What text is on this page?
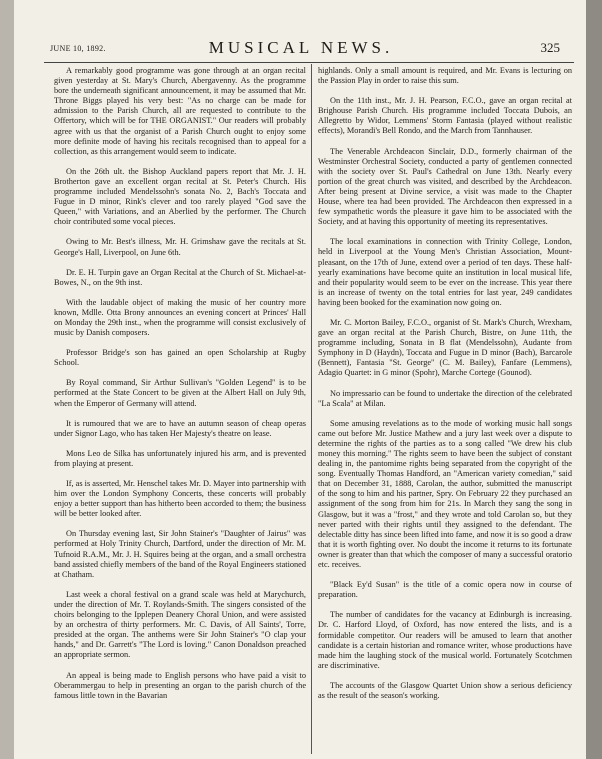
JUNE 10, 1892.	MUSICAL NEWS.	325

A remarkably good programme was gone through at an organ recital given yesterday at St. Mary's Church, Abergavenny. As the programme bore the underneath significant announcement, it may be assumed that Mr. Throne Biggs played his very best: "As no charge can be made for admission to the Parish Church, all are requested to contribute to the Offertory, which will be for THE ORGANIST." Our readers will probably agree with us that the organist of a Parish Church ought to enjoy some more definite mode of having his recitals recognised than to appeal for a collection, as this arrangement would seem to indicate.

On the 26th ult. the Bishop Auckland papers report that Mr. J. H. Brotherton gave an excellent organ recital at St. Peter's Church. His programme included Mendelssohn's sonata No. 2, Bach's Toccata and Fugue in D minor, Rink's clever and too rarely played "God save the Queen," with Variations, and an Aberlied by the performer. The Church choir contributed some vocal pieces.

Owing to Mr. Best's illness, Mr. H. Grimshaw gave the recitals at St. George's Hall, Liverpool, on June 6th.

Dr. E. H. Turpin gave an Organ Recital at the Church of St. Michael-at-Bowes, N., on the 9th inst.

With the laudable object of making the music of her country more known, Mdlle. Otta Brony announces an evening concert at Princes' Hall on Monday the 29th inst., when the programme will consist exclusively of music by Danish composers.

Professor Bridge's son has gained an open Scholarship at Rugby School.

By Royal command, Sir Arthur Sullivan's "Golden Legend" is to be performed at the State Concert to be given at the Albert Hall on July 9th, when the Emperor of Germany will attend.

It is rumoured that we are to have an autumn season of cheap operas under Signor Lago, who has taken Her Majesty's theatre on lease.

Mons Leo de Silka has unfortunately injured his arm, and is prevented from playing at present.

If, as is asserted, Mr. Henschel takes Mr. D. Mayer into partnership with him over the London Symphony Concerts, these concerts will probably enjoy a better support than has hitherto been accorded to them; the business will be better looked after.

On Thursday evening last, Sir John Stainer's "Daughter of Jairus" was performed at Holy Trinity Church, Dartford, under the direction of Mr. M. Tufnoid R.A.M., Mr. J. H. Squires being at the organ, and a small orchestra band assisted chiefly members of the band of the Royal Engineers stationed at Chatham.

Last week a choral festival on a grand scale was held at Marychurch, under the direction of Mr. T. Roylands-Smith. The singers consisted of the choirs belonging to the Ipplepen Deanery Choral Union, and were assisted by an orchestra of thirty performers. Mr. C. Davis, of All Saints', Torre, presided at the organ. The anthems were Sir John Stainer's "O clap your hands," and Dr. Garrett's "The Lord is loving." Canon Donaldson preached an appropriate sermon.

An appeal is being made to English persons who have paid a visit to Oberammergau to help in presenting an organ to the parish church of the famous little town in the Bavarian

highlands. Only a small amount is required, and Mr. Evans is lecturing on the Passion Play in order to raise this sum.

On the 11th inst., Mr. J. H. Pearson, F.C.O., gave an organ recital at Brighouse Parish Church. His programme included Toccata Dubois, an Allegretto by Widor, Lemmens' Storm Fantasia (played without realistic effects), Morandi's Bell Rondo, and the March from Tannhauser.

The Venerable Archdeacon Sinclair, D.D., formerly chairman of the Westminster Orchestral Society, conducted a party of gentlemen connected with the society over St. Paul's Cathedral on June 13th. Nearly every portion of the great church was visited, and described by the Archdeacon. After being present at Divine service, a visit was made to the Chapter House, where tea had been provided. The Archdeacon then expressed in a few sympathetic words the pleasure it gave him to be associated with the Society, and at having this opportunity of meeting its representatives.

The local examinations in connection with Trinity College, London, held in Liverpool at the Young Men's Christian Association, Mount-pleasant, on the 17th of June, extend over a period of ten days. These half-yearly examinations have become quite an institution in local musical life, and their popularity would seem to be ever on the increase. This year there is an increase of twenty on the total entries for last year, 249 candidates having been booked for the examination now going on.

Mr. C. Morton Bailey, F.C.O., organist of St. Mark's Church, Wrexham, gave an organ recital at the Parish Church, Bistre, on June 11th, the programme including, Sonata in B flat (Mendelssohn), Audante from Symphony in D (Haydn), Toccata and Fugue in D minor (Bach), Barcarole (Bennett), Fantasia "St. George" (C. M. Bailey), Fanfare (Lemmens), Adagio Quartet: in G minor (Spohr), Marche Cortege (Gounod).

No impressario can be found to undertake the direction of the celebrated "La Scala" at Milan.

Some amusing revelations as to the mode of working music hall songs came out before Mr. Justice Mathew and a jury last week over a dispute to determine the rights of the parties as to a song called "We drew his club money this morning." The rights seem to have been the subject of constant dealing in, the pantomime rights being separated from the copyright of the song. Eventually Thomas Handford, an "American variety comedian," said that on December 31, 1888, Carolan, the author, submitted the manuscript of the song to him and his partner, Spry. On February 22 they purchased an assignment of the song from him for 21s. In March they sang the song in Glasgow, but it was a "frost," and they wrote and told Carolan so, but they never parted with their rights until they assigned to the defendant. The delectable ditty has since been lifted into fame, and now it is so good a draw that it is worth fighting over. No doubt the income it returns to its fortunate owner is greater than that which the composer of many a successful oratorio etc. receives.

"Black Ey'd Susan" is the title of a comic opera now in course of preparation.

The number of candidates for the vacancy at Edinburgh is increasing. Dr. C. Harford Lloyd, of Oxford, has now entered the lists, and is a formidable competitor. Our readers will be amused to learn that another candidate is a certain historian and romance writer, whose productions have made him the laughing stock of the musical world. Fortunately Scotchmen are discriminative.

The accounts of the Glasgow Quartet Union show a serious deficiency as the result of the season's working.
